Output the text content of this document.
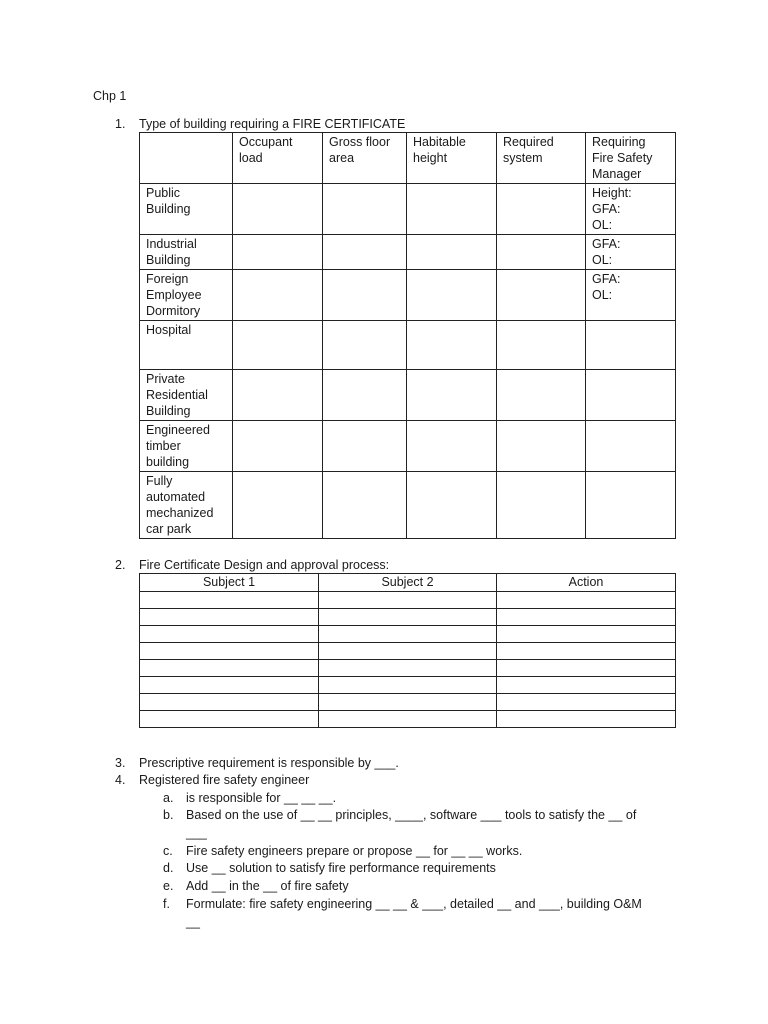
Chp 1
1. Type of building requiring a FIRE CERTIFICATE
	Occupant load	Gross floor area	Habitable height	Required system	Requiring Fire Safety Manager
Public Building					Height:
GFA:
OL:

Industrial Building					GFA:
OL:

Foreign Employee Dormitory					GFA:
OL:

Hospital					
Private Residential Building					
Engineered timber building					
Fully automated mechanized car park					
2. Fire Certificate Design and approval process:
Subject 1	Subject 2	Action

3. Prescriptive requirement is responsible by ___.
4. Registered fire safety engineer
a. is responsible for __ __ __.
b. Based on the use of __ __ principles, ____, software ___ tools to satisfy the __ of
___
c. Fire safety engineers prepare or propose __ for __ __ works.
d. Use __ solution to satisfy fire performance requirements
e. Add __ in the __ of fire safety
f. Formulate: fire safety engineering __ __ & ___, detailed __ and ___, building O&M
__
